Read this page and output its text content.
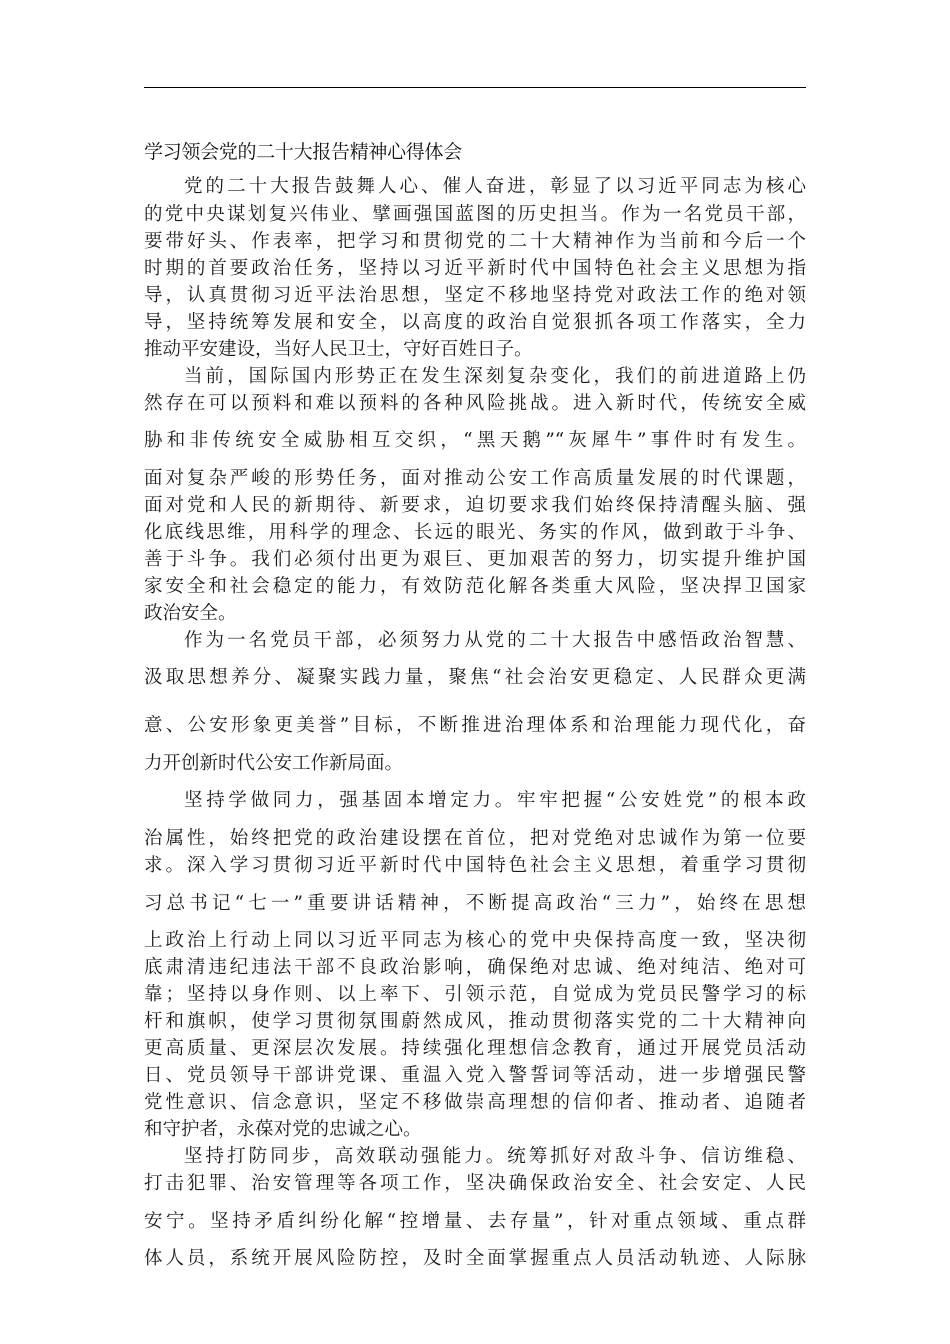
学习领会党的二十大报告精神心得体会

党的二十大报告鼓舞人心、催人奋进，彰显了以习近平同志为核心

的党中央谋划复兴伟业、擘画强国蓝图的历史担当。作为一名党员干部，

要带好头、作表率，把学习和贯彻党的二十大精神作为当前和今后一个

时期的首要政治任务，坚持以习近平新时代中国特色社会主义思想为指

导，认真贯彻习近平法治思想，坚定不移地坚持党对政法工作的绝对领

导，坚持统筹发展和安全，以高度的政治自觉狠抓各项工作落实，全力

推动平安建设，当好人民卫士，守好百姓日子。

当前，国际国内形势正在发生深刻复杂变化，我们的前进道路上仍

然存在可以预料和难以预料的各种风险挑战。进入新时代，传统安全威

胁和非传统安全威胁相互交织，“黑天鹅”“灰犀牛”事件时有发生。

面对复杂严峻的形势任务，面对推动公安工作高质量发展的时代课题，

面对党和人民的新期待、新要求，迫切要求我们始终保持清醒头脑、强

化底线思维，用科学的理念、长远的眼光、务实的作风，做到敢于斗争、

善于斗争。我们必须付出更为艰巨、更加艰苦的努力，切实提升维护国

家安全和社会稳定的能力，有效防范化解各类重大风险，坚决捍卫国家

政治安全。

作为一名党员干部，必须努力从党的二十大报告中感悟政治智慧、

汲取思想养分、凝聚实践力量，聚焦“社会治安更稳定、人民群众更满

意、公安形象更美誉”目标，不断推进治理体系和治理能力现代化，奋

力开创新时代公安工作新局面。

坚持学做同力，强基固本增定力。牢牢把握“公安姓党”的根本政

治属性，始终把党的政治建设摆在首位，把对党绝对忠诚作为第一位要

求。深入学习贯彻习近平新时代中国特色社会主义思想，着重学习贯彻

习总书记“七一”重要讲话精神，不断提高政治“三力”，始终在思想

上政治上行动上同以习近平同志为核心的党中央保持高度一致，坚决彻

底肃清违纪违法干部不良政治影响，确保绝对忠诚、绝对纯洁、绝对可

靠；坚持以身作则、以上率下、引领示范，自觉成为党员民警学习的标

杆和旗帜，使学习贯彻氛围蔚然成风，推动贯彻落实党的二十大精神向

更高质量、更深层次发展。持续强化理想信念教育，通过开展党员活动

日、党员领导干部讲党课、重温入党入警誓词等活动，进一步增强民警

党性意识、信念意识，坚定不移做崇高理想的信仰者、推动者、追随者

和守护者，永葆对党的忠诚之心。

坚持打防同步，高效联动强能力。统筹抓好对敌斗争、信访维稳、

打击犯罪、治安管理等各项工作，坚决确保政治安全、社会安定、人民

安宁。坚持矛盾纠纷化解“控增量、去存量”，针对重点领域、重点群

体人员，系统开展风险防控，及时全面掌握重点人员活动轨迹、人际脉
